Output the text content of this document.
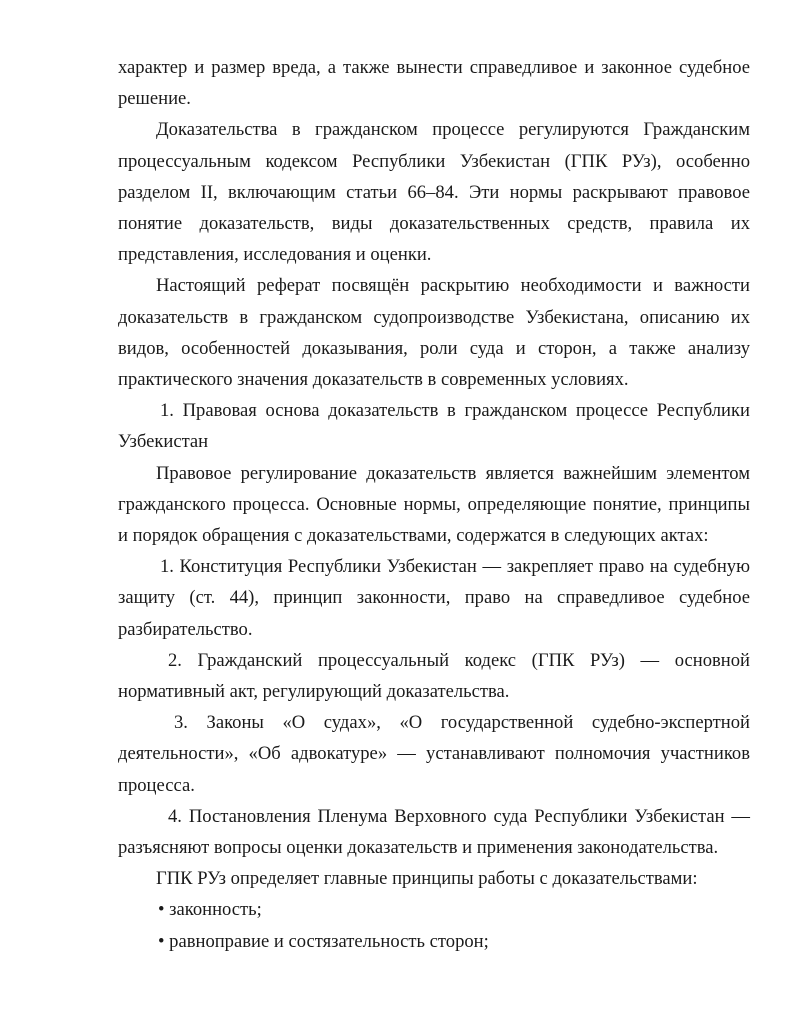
характер и размер вреда, а также вынести справедливое и законное судебное решение.

Доказательства в гражданском процессе регулируются Гражданским процессуальным кодексом Республики Узбекистан (ГПК РУз), особенно разделом II, включающим статьи 66–84. Эти нормы раскрывают правовое понятие доказательств, виды доказательственных средств, правила их представления, исследования и оценки.

Настоящий реферат посвящён раскрытию необходимости и важности доказательств в гражданском судопроизводстве Узбекистана, описанию их видов, особенностей доказывания, роли суда и сторон, а также анализу практического значения доказательств в современных условиях.

1. Правовая основа доказательств в гражданском процессе Республики Узбекистан

Правовое регулирование доказательств является важнейшим элементом гражданского процесса. Основные нормы, определяющие понятие, принципы и порядок обращения с доказательствами, содержатся в следующих актах:

1. Конституция Республики Узбекистан — закрепляет право на судебную защиту (ст. 44), принцип законности, право на справедливое судебное разбирательство.

2. Гражданский процессуальный кодекс (ГПК РУз) — основной нормативный акт, регулирующий доказательства.

3. Законы «О судах», «О государственной судебно-экспертной деятельности», «Об адвокатуре» — устанавливают полномочия участников процесса.

4. Постановления Пленума Верховного суда Республики Узбекистан — разъясняют вопросы оценки доказательств и применения законодательства.

ГПК РУз определяет главные принципы работы с доказательствами:

• законность;

• равноправие и состязательность сторон;
